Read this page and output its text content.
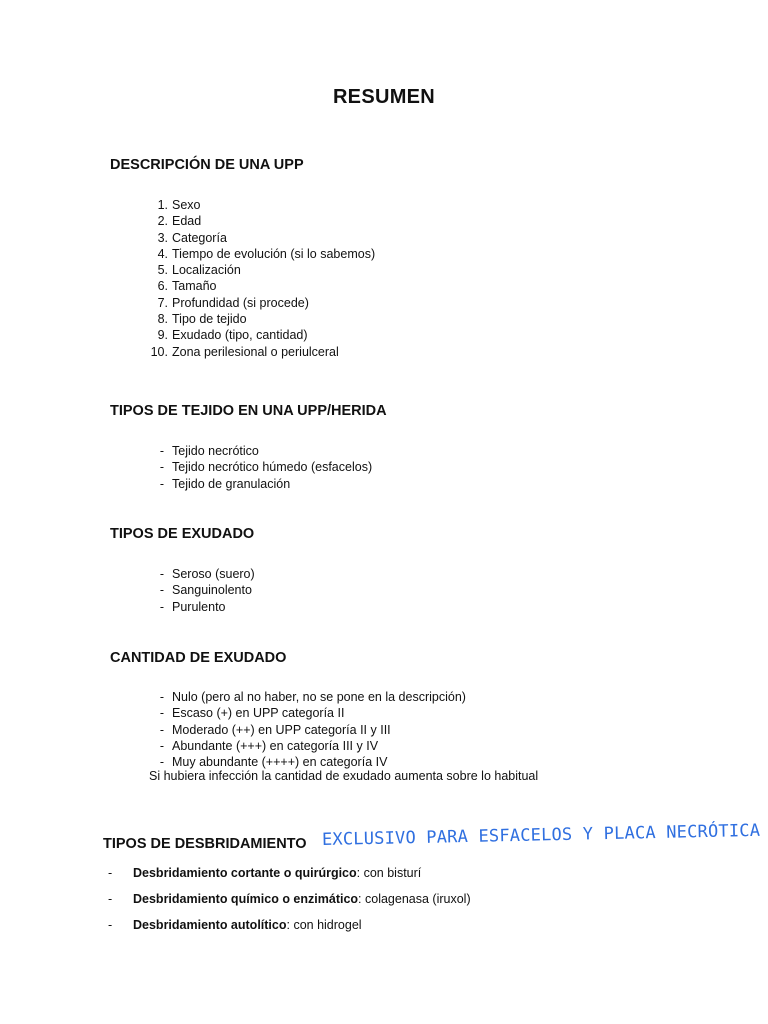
RESUMEN
DESCRIPCIÓN DE UNA UPP
1. Sexo
2. Edad
3. Categoría
4. Tiempo de evolución (si lo sabemos)
5. Localización
6. Tamaño
7. Profundidad (si procede)
8. Tipo de tejido
9. Exudado (tipo, cantidad)
10. Zona perilesional o periulceral
TIPOS DE TEJIDO EN UNA UPP/HERIDA
- Tejido necrótico
- Tejido necrótico húmedo (esfacelos)
- Tejido de granulación
TIPOS DE EXUDADO
- Seroso (suero)
- Sanguinolento
- Purulento
CANTIDAD DE EXUDADO
- Nulo (pero al no haber, no se pone en la descripción)
- Escaso (+) en UPP categoría II
- Moderado (++) en UPP categoría II y III
- Abundante (+++) en categoría III y IV
- Muy abundante (++++) en categoría IV
Si hubiera infección la cantidad de exudado aumenta sobre lo habitual
TIPOS DE DESBRIDAMIENTO EXCLUSIVO PARA ESFACELOS Y PLACA NECRÓTICA
-	Desbridamiento cortante o quirúrgico: con bisturí
-	Desbridamiento químico o enzimático: colagenasa (iruxol)
-	Desbridamiento autolítico: con hidrogel
